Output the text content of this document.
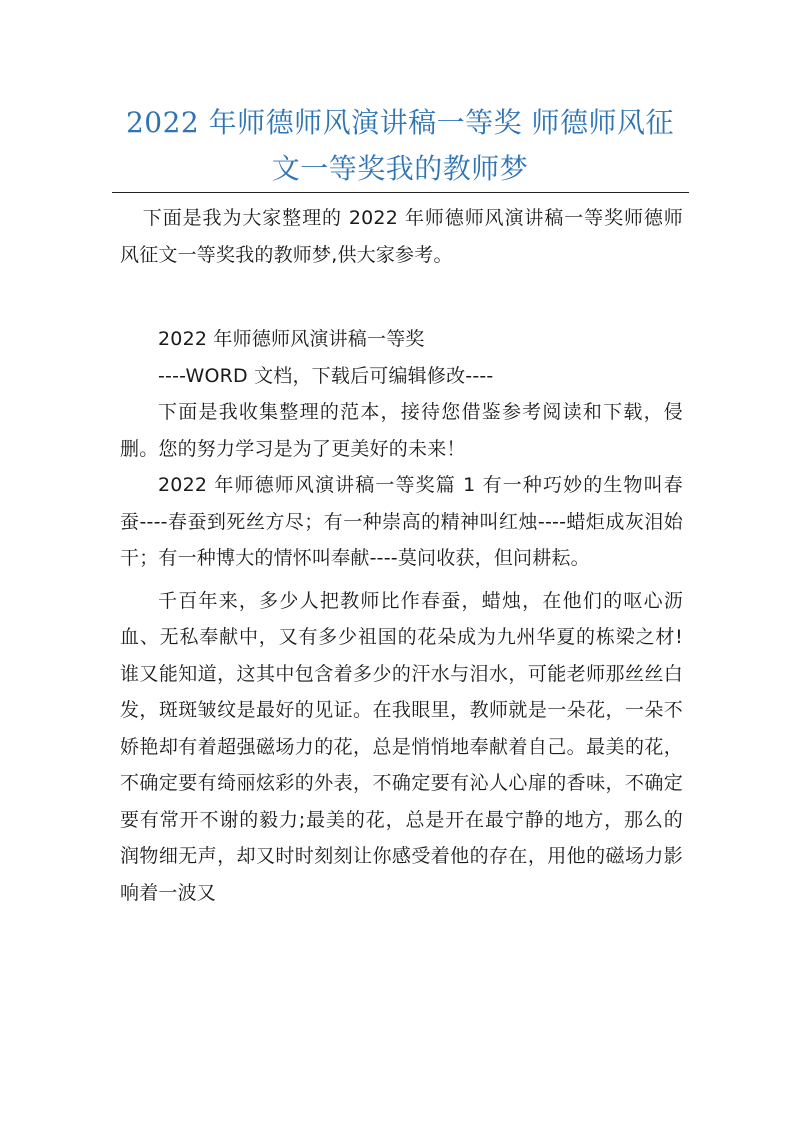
2022 年师德师风演讲稿一等奖 师德师风征
文一等奖我的教师梦

下面是我为大家整理的 2022 年师德师风演讲稿一等奖师德师风征文一等奖我的教师梦,供大家参考。

2022 年师德师风演讲稿一等奖

----WORD 文档，下载后可编辑修改----

下面是我收集整理的范本，接待您借鉴参考阅读和下载，侵删。您的努力学习是为了更美好的未来！

2022 年师德师风演讲稿一等奖篇 1 有一种巧妙的生物叫春蚕----春蚕到死丝方尽；有一种崇高的精神叫红烛----蜡炬成灰泪始干；有一种博大的情怀叫奉献----莫问收获，但问耕耘。

千百年来，多少人把教师比作春蚕，蜡烛，在他们的呕心沥血、无私奉献中，又有多少祖国的花朵成为九州华夏的栋梁之材!谁又能知道，这其中包含着多少的汗水与泪水，可能老师那丝丝白发，斑斑皱纹是最好的见证。在我眼里，教师就是一朵花，一朵不娇艳却有着超强磁场力的花，总是悄悄地奉献着自己。最美的花，不确定要有绮丽炫彩的外表，不确定要有沁人心扉的香味，不确定要有常开不谢的毅力;最美的花，总是开在最宁静的地方，那么的润物细无声，却又时时刻刻让你感受着他的存在，用他的磁场力影响着一波又
